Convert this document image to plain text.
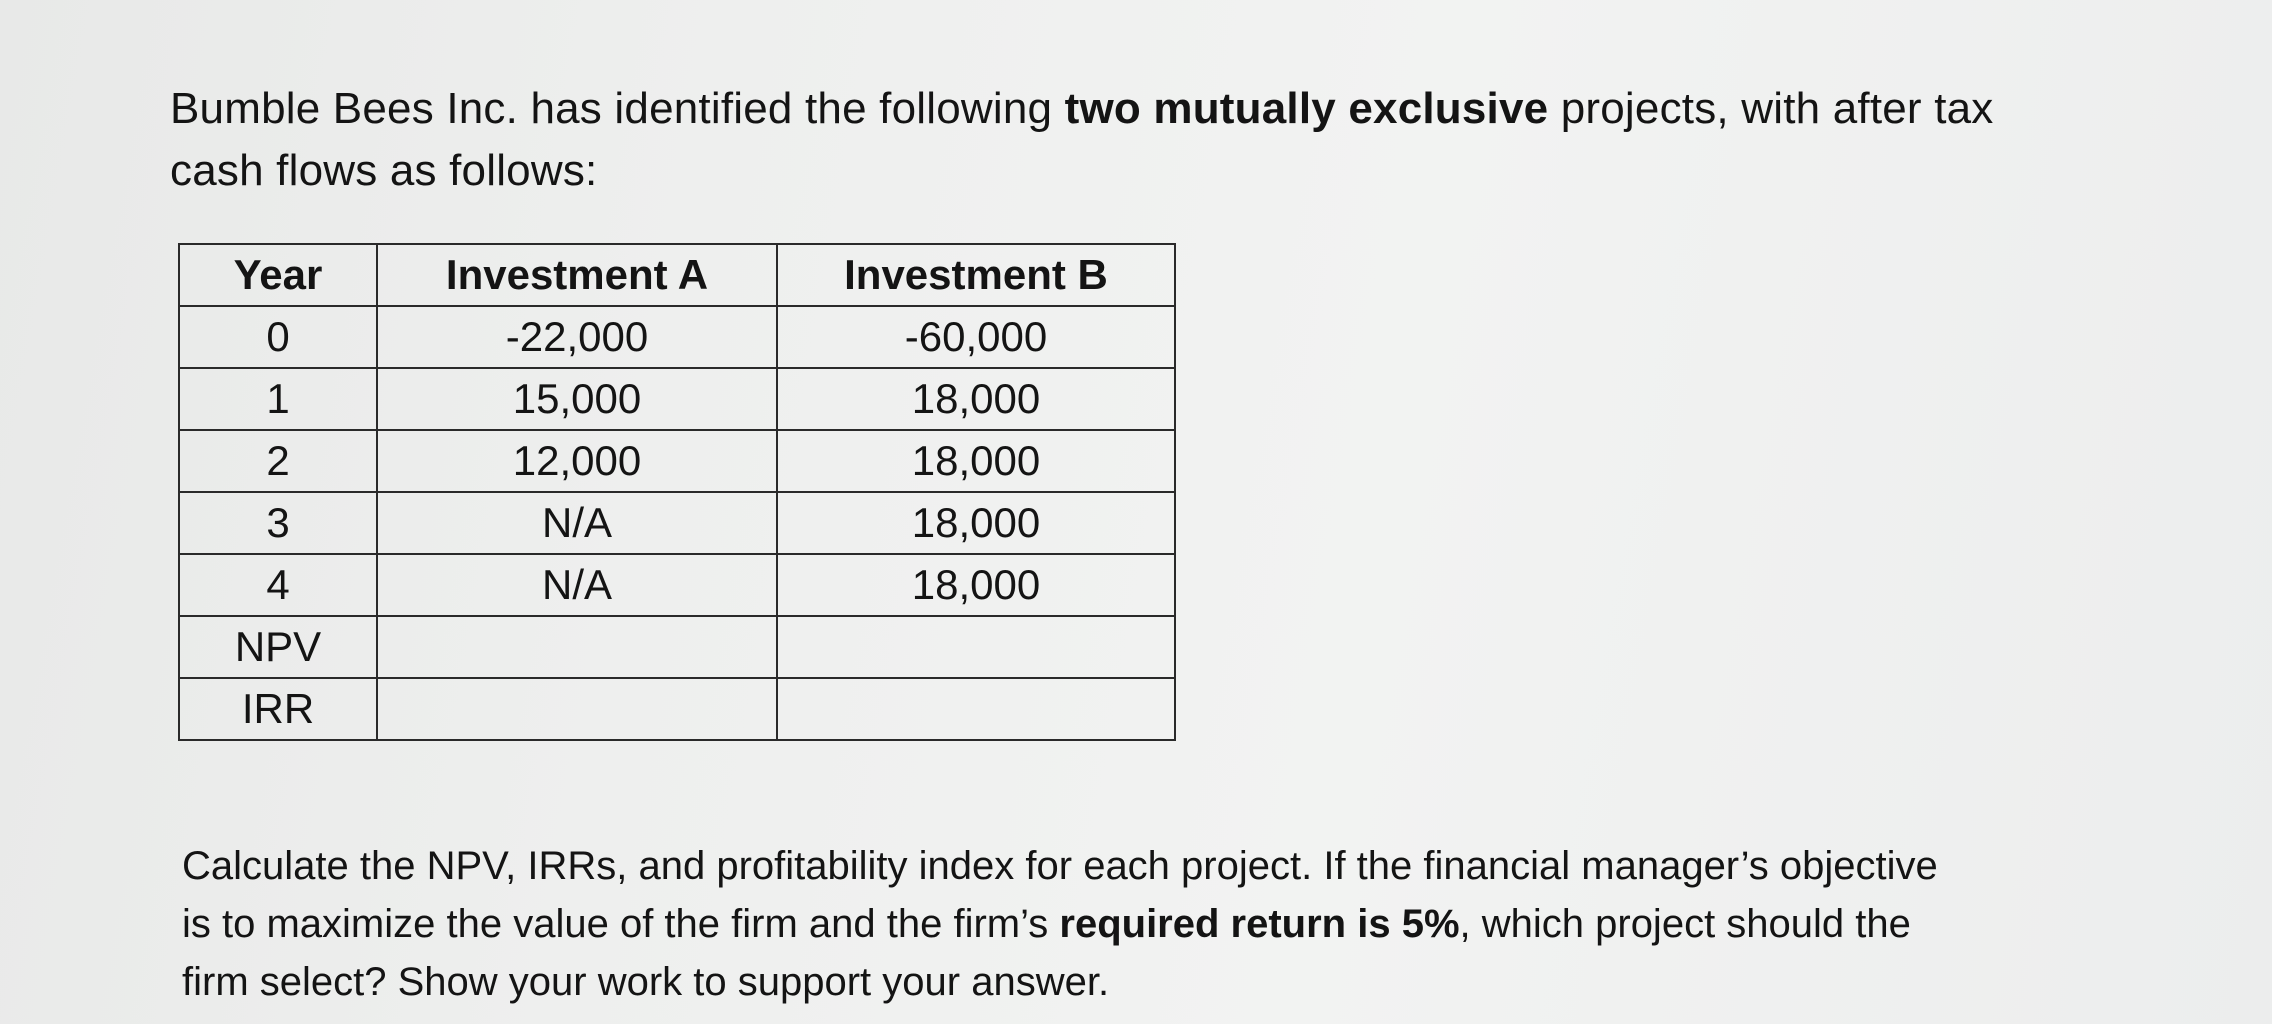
Bumble Bees Inc. has identified the following two mutually exclusive projects, with after tax
cash flows as follows:
Year	Investment A	Investment B
0	-22,000	-60,000
1	15,000	18,000
2	12,000	18,000
3	N/A	18,000
4	N/A	18,000
NPV		
IRR		
Calculate the NPV, IRRs, and profitability index for each project. If the financial manager’s objective
is to maximize the value of the firm and the firm’s required return is 5%, which project should the
firm select? Show your work to support your answer.
